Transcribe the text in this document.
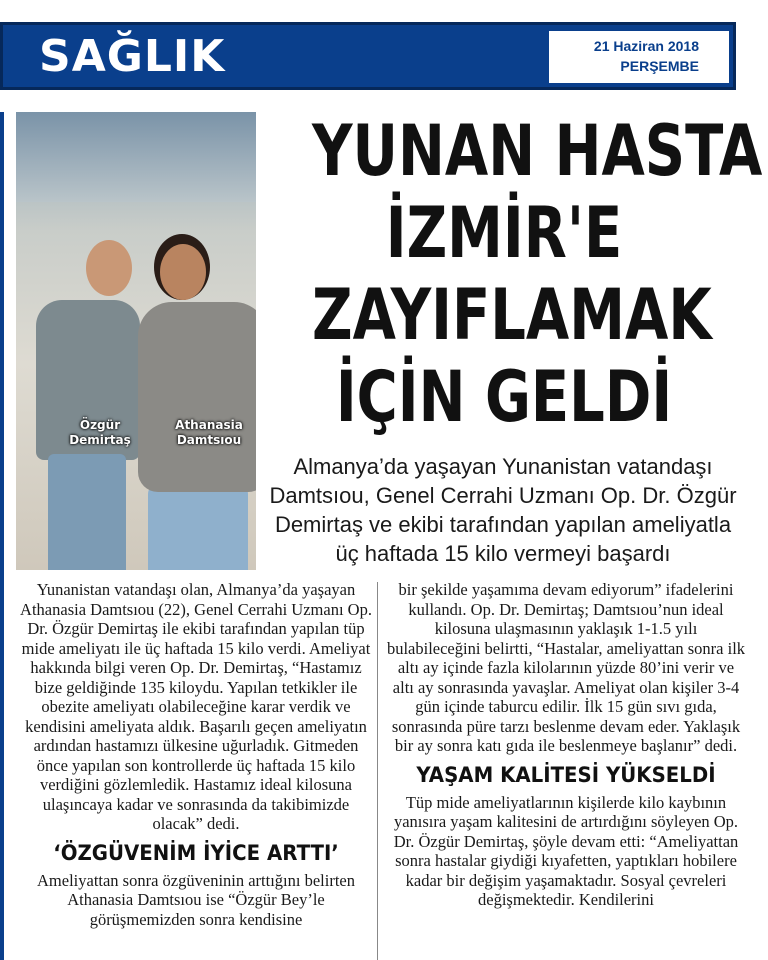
SAĞLIK	21 Haziran 2018
PERŞEMBE
Özgür
Demirtaş
Athanasia
Damtsıou
YUNAN HASTA
İZMİR'E
ZAYIFLAMAK
İÇİN GELDİ
Almanya’da yaşayan Yunanistan vatandaşı Damtsıou, Genel Cerrahi Uzmanı Op. Dr. Özgür Demirtaş ve ekibi tarafından yapılan ameliyatla üç haftada 15 kilo vermeyi başardı

Yunanistan vatandaşı olan, Almanya’da yaşayan Athanasia Damtsıou (22), Genel Cerrahi Uzmanı Op. Dr. Özgür Demirtaş ile ekibi tarafından yapılan tüp mide ameliyatı ile üç haftada 15 kilo verdi. Ameliyat hakkında bilgi veren Op. Dr. Demirtaş, “Hastamız bize geldiğinde 135 kiloydu. Yapılan tetkikler ile obezite ameliyatı olabileceğine karar verdik ve kendisini ameliyata aldık. Başarılı geçen ameliyatın ardından hastamızı ülkesine uğurladık. Gitmeden önce yapılan son kontrollerde üç haftada 15 kilo verdiğini gözlemledik. Hastamız ideal kilosuna ulaşıncaya kadar ve sonrasında da takibimizde olacak” dedi.

‘ÖZGÜVENİM İYİCE ARTTI’

Ameliyattan sonra özgüveninin arttığını belirten Athanasia Damtsıou ise “Özgür Bey’le görüşmemizden sonra kendisine

bir şekilde yaşamıma devam ediyorum” ifadelerini kullandı. Op. Dr. Demirtaş; Damtsıou’nun ideal kilosuna ulaşmasının yaklaşık 1-1.5 yılı bulabileceğini belirtti, “Hastalar, ameliyattan sonra ilk altı ay içinde fazla kilolarının yüzde 80’ini verir ve altı ay sonrasında yavaşlar. Ameliyat olan kişiler 3-4 gün içinde taburcu edilir. İlk 15 gün sıvı gıda, sonrasında püre tarzı beslenme devam eder. Yaklaşık bir ay sonra katı gıda ile beslenmeye başlanır” dedi.

YAŞAM KALİTESİ YÜKSELDİ

Tüp mide ameliyatlarının kişilerde kilo kaybının yanısıra yaşam kalitesini de artırdığını söyleyen Op. Dr. Özgür Demirtaş, şöyle devam etti: “Ameliyattan sonra hastalar giydiği kıyafetten, yaptıkları hobilere kadar bir değişim yaşamaktadır. Sosyal çevreleri değişmektedir. Kendilerini
